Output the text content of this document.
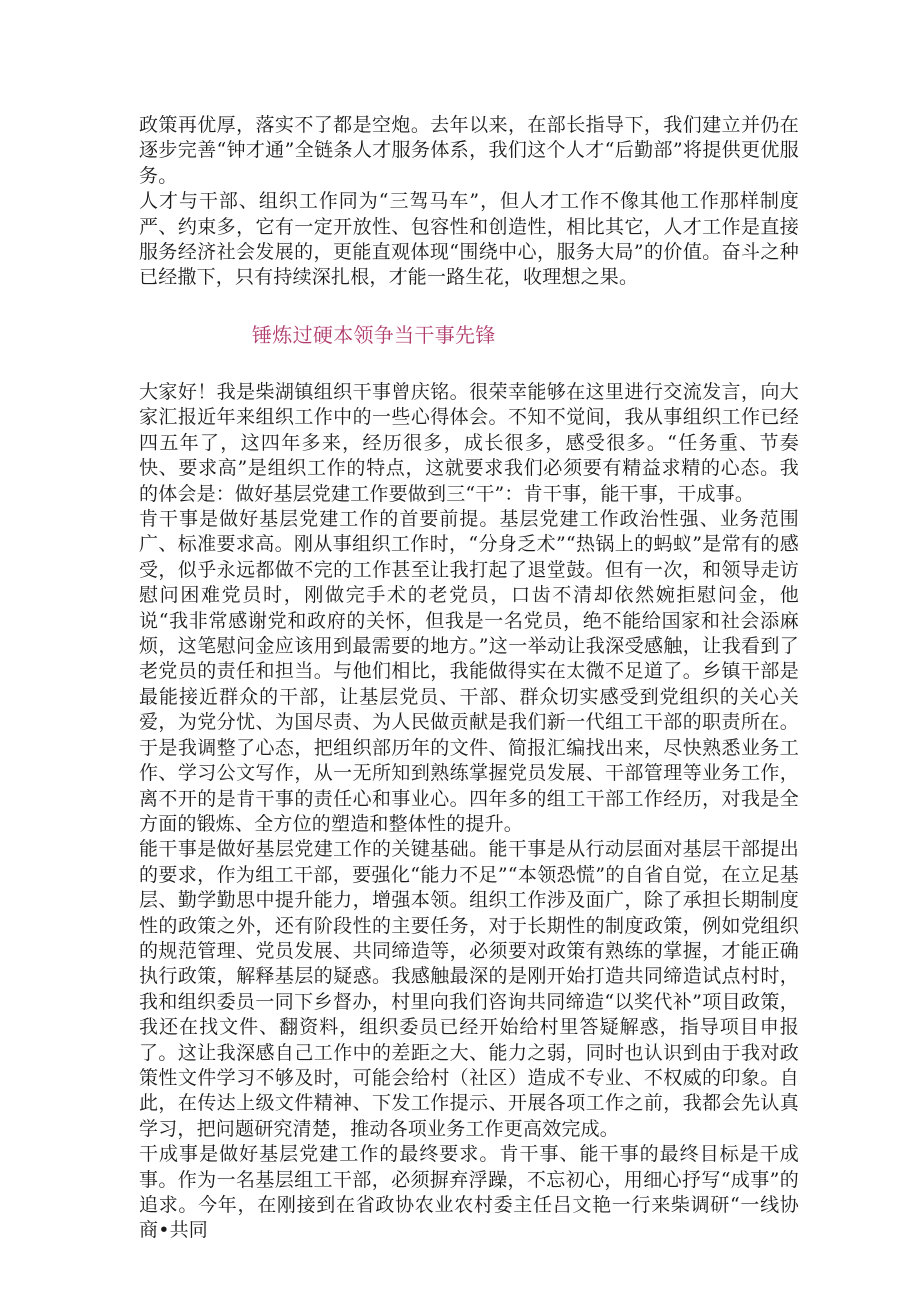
政策再优厚，落实不了都是空炮。去年以来，在部长指导下，我们建立并仍在逐步完善“钟才通”全链条人才服务体系，我们这个人才“后勤部”将提供更优服务。

人才与干部、组织工作同为“三驾马车”，但人才工作不像其他工作那样制度严、约束多，它有一定开放性、包容性和创造性，相比其它，人才工作是直接服务经济社会发展的，更能直观体现“围绕中心，服务大局”的价值。奋斗之种已经撒下，只有持续深扎根，才能一路生花，收理想之果。

锤炼过硬本领争当干事先锋

大家好！我是柴湖镇组织干事曾庆铭。很荣幸能够在这里进行交流发言，向大家汇报近年来组织工作中的一些心得体会。不知不觉间，我从事组织工作已经四五年了，这四年多来，经历很多，成长很多，感受很多。“任务重、节奏快、要求高”是组织工作的特点，这就要求我们必须要有精益求精的心态。我的体会是：做好基层党建工作要做到三“干”：肯干事，能干事，干成事。

肯干事是做好基层党建工作的首要前提。基层党建工作政治性强、业务范围广、标准要求高。刚从事组织工作时，“分身乏术”“热锅上的蚂蚁”是常有的感受，似乎永远都做不完的工作甚至让我打起了退堂鼓。但有一次，和领导走访慰问困难党员时，刚做完手术的老党员，口齿不清却依然婉拒慰问金，他说“我非常感谢党和政府的关怀，但我是一名党员，绝不能给国家和社会添麻烦，这笔慰问金应该用到最需要的地方。”这一举动让我深受感触，让我看到了老党员的责任和担当。与他们相比，我能做得实在太微不足道了。乡镇干部是最能接近群众的干部，让基层党员、干部、群众切实感受到党组织的关心关爱，为党分忧、为国尽责、为人民做贡献是我们新一代组工干部的职责所在。于是我调整了心态，把组织部历年的文件、简报汇编找出来，尽快熟悉业务工作、学习公文写作，从一无所知到熟练掌握党员发展、干部管理等业务工作，离不开的是肯干事的责任心和事业心。四年多的组工干部工作经历，对我是全方面的锻炼、全方位的塑造和整体性的提升。

能干事是做好基层党建工作的关键基础。能干事是从行动层面对基层干部提出的要求，作为组工干部，要强化“能力不足”“本领恐慌”的自省自觉，在立足基层、勤学勤思中提升能力，增强本领。组织工作涉及面广，除了承担长期制度性的政策之外，还有阶段性的主要任务，对于长期性的制度政策，例如党组织的规范管理、党员发展、共同缔造等，必须要对政策有熟练的掌握，才能正确执行政策，解释基层的疑惑。我感触最深的是刚开始打造共同缔造试点村时，我和组织委员一同下乡督办，村里向我们咨询共同缔造“以奖代补”项目政策，我还在找文件、翻资料，组织委员已经开始给村里答疑解惑，指导项目申报了。这让我深感自己工作中的差距之大、能力之弱，同时也认识到由于我对政策性文件学习不够及时，可能会给村（社区）造成不专业、不权威的印象。自此，在传达上级文件精神、下发工作提示、开展各项工作之前，我都会先认真学习，把问题研究清楚，推动各项业务工作更高效完成。

干成事是做好基层党建工作的最终要求。肯干事、能干事的最终目标是干成事。作为一名基层组工干部，必须摒弃浮躁，不忘初心，用细心抒写“成事”的追求。今年，在刚接到在省政协农业农村委主任吕文艳一行来柴调研“一线协商•共同
